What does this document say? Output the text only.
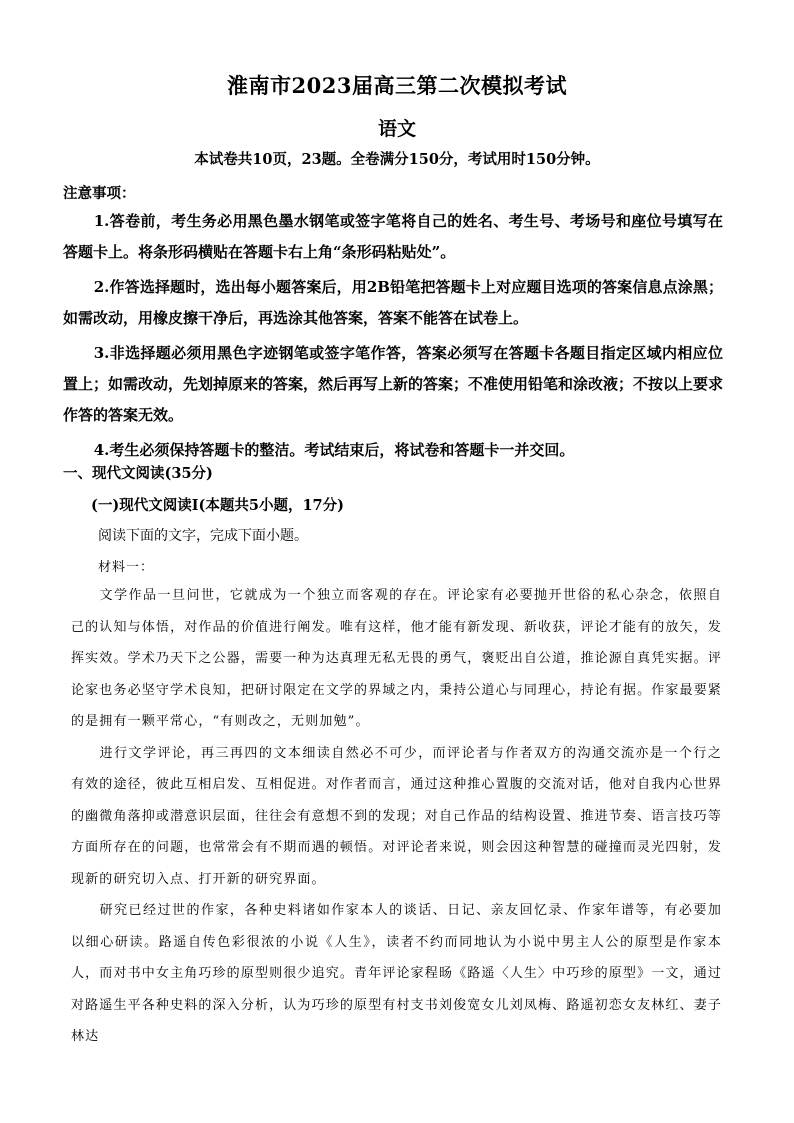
淮南市2023届高三第二次模拟考试
语文
本试卷共10页，23题。全卷满分150分，考试用时150分钟。
注意事项：

1.答卷前，考生务必用黑色墨水钢笔或签字笔将自己的姓名、考生号、考场号和座位号填写在答题卡上。将条形码横贴在答题卡右上角“条形码粘贴处”。

2.作答选择题时，选出每小题答案后，用2B铅笔把答题卡上对应题目选项的答案信息点涂黑；如需改动，用橡皮擦干净后，再选涂其他答案，答案不能答在试卷上。

3.非选择题必须用黑色字迹钢笔或签字笔作答，答案必须写在答题卡各题目指定区域内相应位置上；如需改动，先划掉原来的答案，然后再写上新的答案；不准使用铅笔和涂改液；不按以上要求作答的答案无效。

4.考生必须保持答题卡的整洁。考试结束后，将试卷和答题卡一并交回。

一、现代文阅读(35分)
(一)现代文阅读Ⅰ(本题共5小题，17分)
阅读下面的文字，完成下面小题。
材料一：

文学作品一旦问世，它就成为一个独立而客观的存在。评论家有必要抛开世俗的私心杂念，依照自己的认知与体悟，对作品的价值进行阐发。唯有这样，他才能有新发现、新收获，评论才能有的放矢，发挥实效。学术乃天下之公器，需要一种为达真理无私无畏的勇气，褒贬出自公道，推论源自真凭实据。评论家也务必坚守学术良知，把研讨限定在文学的界域之内，秉持公道心与同理心，持论有据。作家最要紧的是拥有一颗平常心，“有则改之，无则加勉”。

进行文学评论，再三再四的文本细读自然必不可少，而评论者与作者双方的沟通交流亦是一个行之有效的途径，彼此互相启发、互相促进。对作者而言，通过这种推心置腹的交流对话，他对自我内心世界的幽微角落抑或潜意识层面，往往会有意想不到的发现；对自己作品的结构设置、推进节奏、语言技巧等方面所存在的问题，也常常会有不期而遇的顿悟。对评论者来说，则会因这种智慧的碰撞而灵光四射，发现新的研究切入点、打开新的研究界面。

研究已经过世的作家，各种史料诸如作家本人的谈话、日记、亲友回忆录、作家年谱等，有必要加以细心研读。路遥自传色彩很浓的小说《人生》，读者不约而同地认为小说中男主人公的原型是作家本人，而对书中女主角巧珍的原型则很少追究。青年评论家程旸《路遥〈人生〉中巧珍的原型》一文，通过对路遥生平各种史料的深入分析，认为巧珍的原型有村支书刘俊宽女儿刘凤梅、路遥初恋女友林红、妻子林达
